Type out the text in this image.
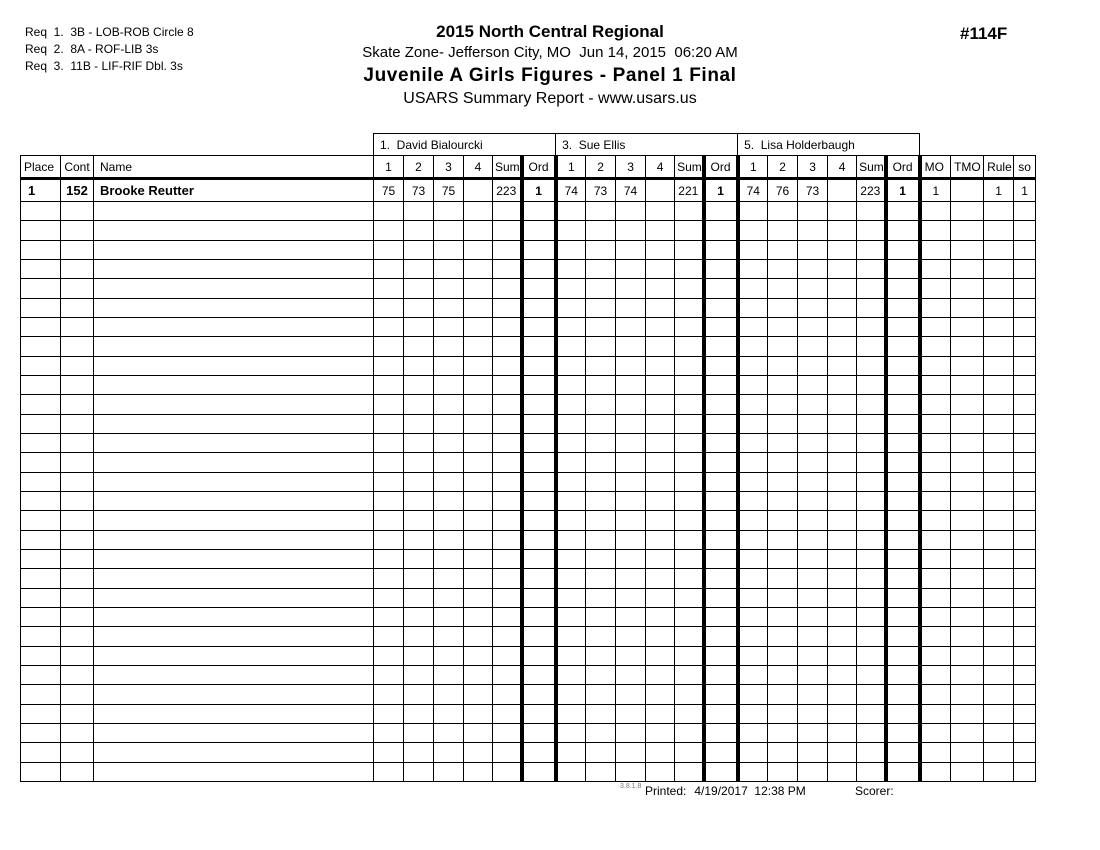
Req  1.  3B - LOB-ROB Circle 8
Req  2.  8A - ROF-LIB 3s
Req  3.  11B - LIF-RIF Dbl. 3s
2015 North Central Regional
Skate Zone- Jefferson City, MO  Jun 14, 2015  06:20 AM
Juvenile A Girls Figures - Panel 1 Final
USARS Summary Report - www.usars.us
#114F
			1.  David Bialourcki						3.  Sue Ellis						5.  Lisa Holderbaugh									
Place	Cont	Name	1	2	3	4	Sum	Ord	1	2	3	4	Sum	Ord	1	2	3	4	Sum	Ord	MO	TMO	Rule	so
1	152	Brooke Reutter	75	73	75		223	1	74	73	74		221	1	74	76	73		223	1	1		1	1

3.8.1.8 Printed: 4/19/2017  12:38 PM	Scorer:
